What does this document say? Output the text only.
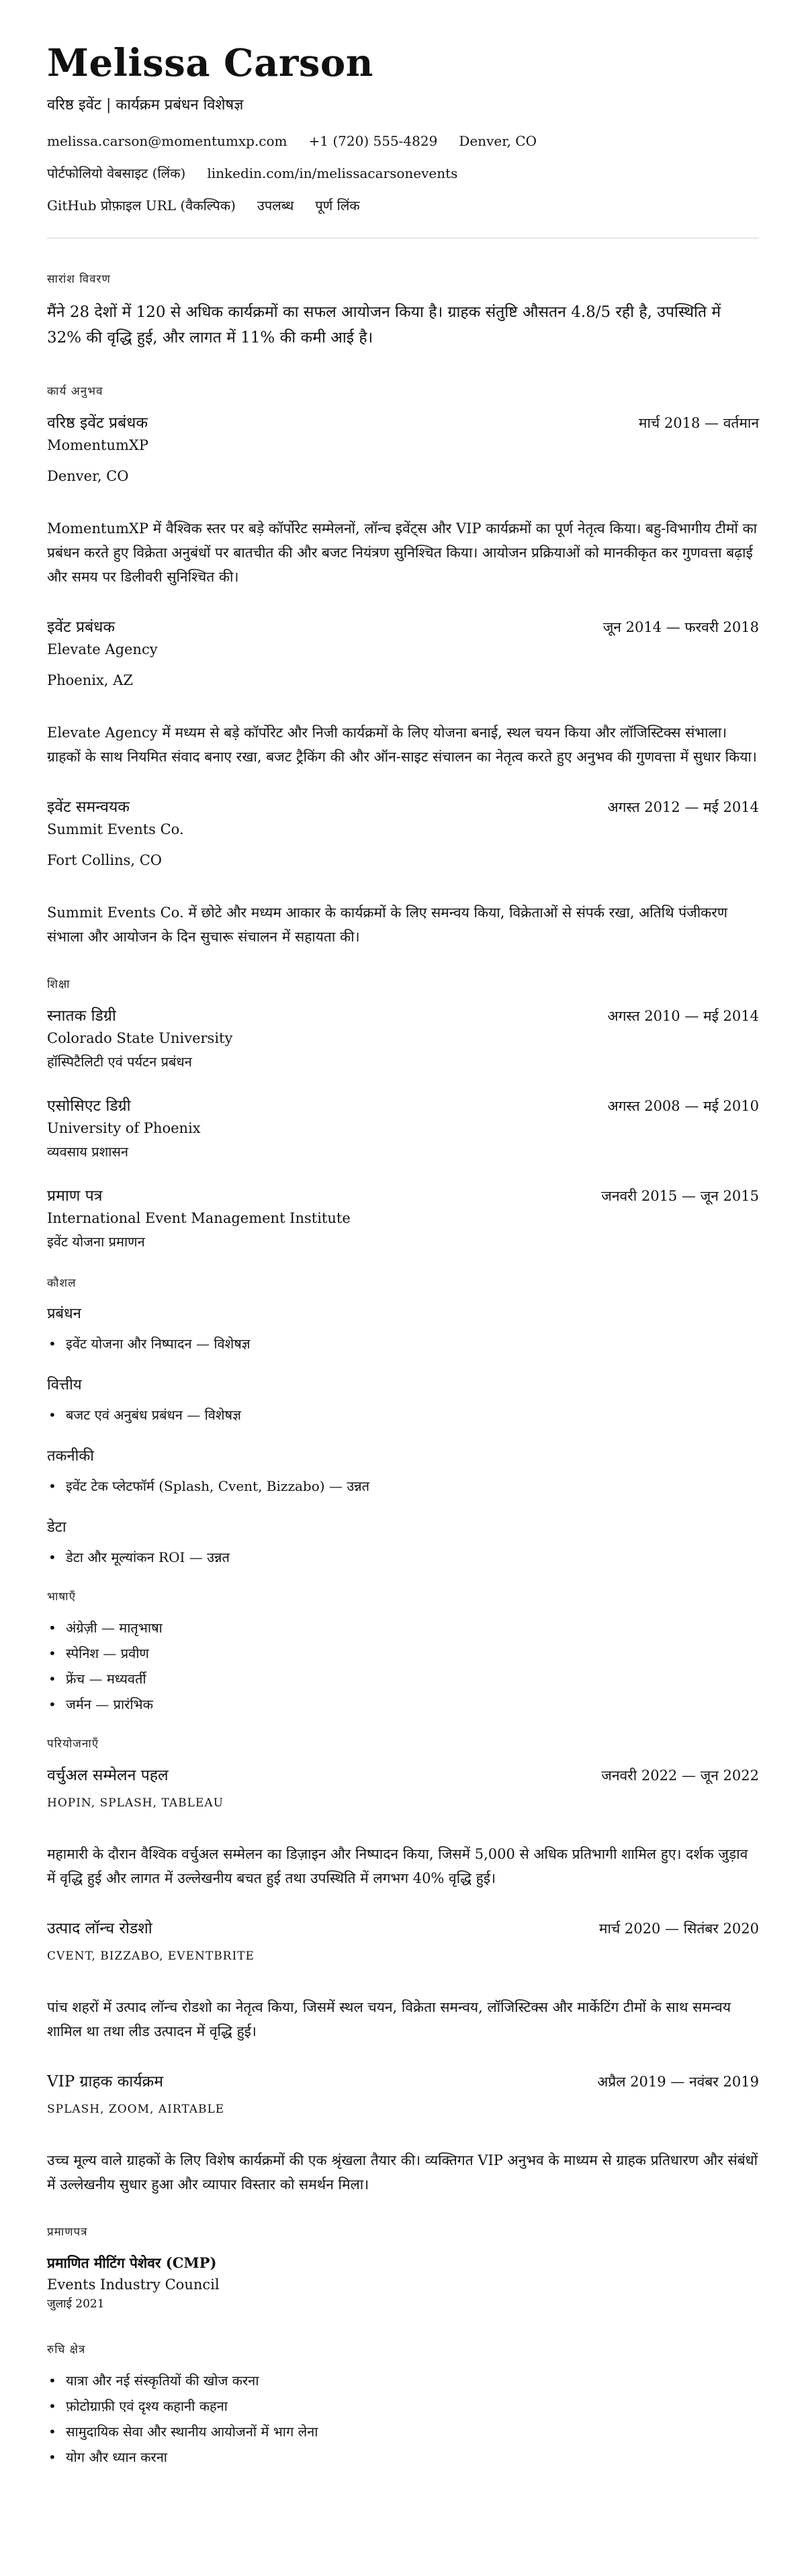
Melissa Carson
वरिष्ठ इवेंट | कार्यक्रम प्रबंधन विशेषज्ञ
melissa.carson@momentumxp.com +1 (720) 555-4829 Denver, CO
पोर्टफोलियो वेबसाइट (लिंक) linkedin.com/in/melissacarsonevents
GitHub प्रोफ़ाइल URL (वैकल्पिक) उपलब्ध पूर्ण लिंक
सारांश विवरण

मैंने 28 देशों में 120 से अधिक कार्यक्रमों का सफल आयोजन किया है। ग्राहक संतुष्टि औसतन 4.8/5 रही है, उपस्थिति में 32% की वृद्धि हुई, और लागत में 11% की कमी आई है।

कार्य अनुभव
वरिष्ठ इवेंट प्रबंधक	मार्च 2018 — वर्तमान
MomentumXP
Denver, CO
MomentumXP में वैश्विक स्तर पर बड़े कॉर्पोरेट सम्मेलनों, लॉन्च इवेंट्स और VIP कार्यक्रमों का पूर्ण नेतृत्व किया। बहु-विभागीय टीमों का प्रबंधन करते हुए विक्रेता अनुबंधों पर बातचीत की और बजट नियंत्रण सुनिश्चित किया। आयोजन प्रक्रियाओं को मानकीकृत कर गुणवत्ता बढ़ाई और समय पर डिलीवरी सुनिश्चित की।
इवेंट प्रबंधक	जून 2014 — फरवरी 2018
Elevate Agency
Phoenix, AZ
Elevate Agency में मध्यम से बड़े कॉर्पोरेट और निजी कार्यक्रमों के लिए योजना बनाई, स्थल चयन किया और लॉजिस्टिक्स संभाला। ग्राहकों के साथ नियमित संवाद बनाए रखा, बजट ट्रैकिंग की और ऑन-साइट संचालन का नेतृत्व करते हुए अनुभव की गुणवत्ता में सुधार किया।
इवेंट समन्वयक	अगस्त 2012 — मई 2014
Summit Events Co.
Fort Collins, CO
Summit Events Co. में छोटे और मध्यम आकार के कार्यक्रमों के लिए समन्वय किया, विक्रेताओं से संपर्क रखा, अतिथि पंजीकरण संभाला और आयोजन के दिन सुचारू संचालन में सहायता की।
शिक्षा
स्नातक डिग्री	अगस्त 2010 — मई 2014
Colorado State University
हॉस्पिटैलिटी एवं पर्यटन प्रबंधन
एसोसिएट डिग्री	अगस्त 2008 — मई 2010
University of Phoenix
व्यवसाय प्रशासन
प्रमाण पत्र	जनवरी 2015 — जून 2015
International Event Management Institute
इवेंट योजना प्रमाणन
कौशल
प्रबंधन
• इवेंट योजना और निष्पादन — विशेषज्ञ
वित्तीय
• बजट एवं अनुबंध प्रबंधन — विशेषज्ञ
तकनीकी
• इवेंट टेक प्लेटफॉर्म (Splash, Cvent, Bizzabo) — उन्नत
डेटा
• डेटा और मूल्यांकन ROI — उन्नत
भाषाएँ
• अंग्रेज़ी — मातृभाषा
• स्पेनिश — प्रवीण
• फ्रेंच — मध्यवर्ती
• जर्मन — प्रारंभिक
परियोजनाएँ
वर्चुअल सम्मेलन पहल	जनवरी 2022 — जून 2022
HOPIN, SPLASH, TABLEAU
महामारी के दौरान वैश्विक वर्चुअल सम्मेलन का डिज़ाइन और निष्पादन किया, जिसमें 5,000 से अधिक प्रतिभागी शामिल हुए। दर्शक जुड़ाव में वृद्धि हुई और लागत में उल्लेखनीय बचत हुई तथा उपस्थिति में लगभग 40% वृद्धि हुई।
उत्पाद लॉन्च रोडशो	मार्च 2020 — सितंबर 2020
CVENT, BIZZABO, EVENTBRITE
पांच शहरों में उत्पाद लॉन्च रोडशो का नेतृत्व किया, जिसमें स्थल चयन, विक्रेता समन्वय, लॉजिस्टिक्स और मार्केटिंग टीमों के साथ समन्वय शामिल था तथा लीड उत्पादन में वृद्धि हुई।
VIP ग्राहक कार्यक्रम	अप्रैल 2019 — नवंबर 2019
SPLASH, ZOOM, AIRTABLE
उच्च मूल्य वाले ग्राहकों के लिए विशेष कार्यक्रमों की एक श्रृंखला तैयार की। व्यक्तिगत VIP अनुभव के माध्यम से ग्राहक प्रतिधारण और संबंधों में उल्लेखनीय सुधार हुआ और व्यापार विस्तार को समर्थन मिला।
प्रमाणपत्र
प्रमाणित मीटिंग पेशेवर (CMP)
Events Industry Council
जुलाई 2021
रुचि क्षेत्र
• यात्रा और नई संस्कृतियों की खोज करना
• फ़ोटोग्राफ़ी एवं दृश्य कहानी कहना
• सामुदायिक सेवा और स्थानीय आयोजनों में भाग लेना
• योग और ध्यान करना
